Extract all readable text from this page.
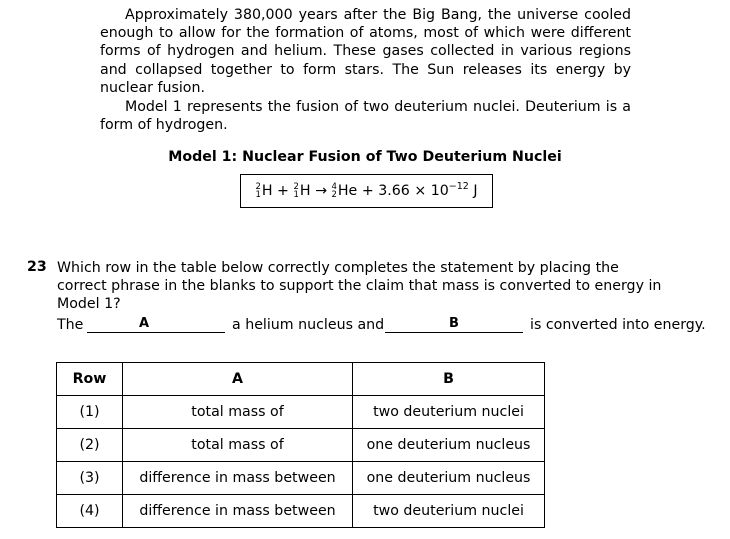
Approximately 380,000 years after the Big Bang, the universe cooled enough to allow for the formation of atoms, most of which were different forms of hydrogen and helium. These gases collected in various regions and collapsed together to form stars. The Sun releases its energy by nuclear fusion.

Model 1 represents the fusion of two deuterium nuclei. Deuterium is a form of hydrogen.

Model 1: Nuclear Fusion of Two Deuterium Nuclei
2
1 H
+
2
1 H
→
4
2 He
+
$3.66 \times 10^{-12}$ J
23 Which row in the table below correctly completes the statement by placing the correct phrase in the blanks to support the claim that mass is converted to energy in Model 1?

The	A	a helium nucleus and	B	is converted into energy.
Row	A	B
(1)	total mass of	two deuterium nuclei
(2)	total mass of	one deuterium nucleus
(3)	difference in mass between	one deuterium nucleus
(4)	difference in mass between	two deuterium nuclei
